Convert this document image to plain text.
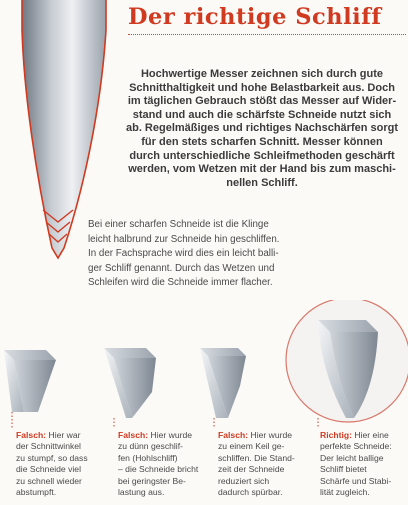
Der richtige Schliff
Hochwertige Messer zeichnen sich durch gute
Schnitthaltigkeit und hohe Belastbarkeit aus. Doch
im täglichen Gebrauch stößt das Messer auf Wider-
stand und auch die schärfste Schneide nutzt sich
ab. Regelmäßiges und richtiges Nachschärfen sorgt
für den stets scharfen Schnitt. Messer können
durch unterschiedliche Schleifmethoden geschärft
werden, vom Wetzen mit der Hand bis zum maschi-
nellen Schliff.
Bei einer scharfen Schneide ist die Klinge
leicht halbrund zur Schneide hin geschliffen.
In der Fachsprache wird dies ein leicht balli-
ger Schliff genannt. Durch das Wetzen und
Schleifen wird die Schneide immer flacher.
Falsch: Hier war
der Schnittwinkel
zu stumpf, so dass
die Schneide viel
zu schnell wieder
abstumpft.
Falsch: Hier wurde
zu dünn geschlif-
fen (Hohlschliff)
– die Schneide bricht
bei geringster Be-
lastung aus.
Falsch: Hier wurde
zu einem Keil ge-
schliffen. Die Stand-
zeit der Schneide
reduziert sich
dadurch spürbar.
Richtig: Hier eine
perfekte Schneide:
Der leicht ballige
Schliff bietet
Schärfe und Stabi-
lität zugleich.
